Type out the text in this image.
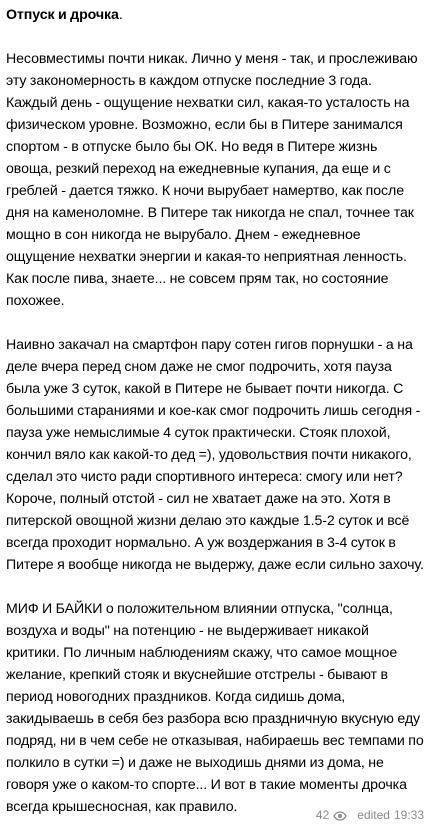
Отпуск и дрочка.

Несовместимы почти никак. Лично у меня - так, и прослеживаю эту закономерность в каждом отпуске последние 3 года. Каждый день - ощущение нехватки сил, какая-то усталость на физическом уровне. Возможно, если бы в Питере занимался спортом - в отпуске было бы ОК. Но ведя в Питере жизнь овоща, резкий переход на ежедневные купания, да еще и с греблей - дается тяжко. К ночи вырубает намертво, как после дня на каменоломне. В Питере так никогда не спал, точнее так мощно в сон никогда не вырубало. Днем - ежедневное ощущение нехватки энергии и какая-то неприятная ленность. Как после пива, знаете... не совсем прям так, но состояние похожее.

Наивно закачал на смартфон пару сотен гигов порнушки - а на деле вчера перед сном даже не смог подрочить, хотя пауза была уже 3 суток, какой в Питере не бывает почти никогда. С большими стараниями и кое-как смог подрочить лишь сегодня - пауза уже немыслимые 4 суток практически. Стояк плохой, кончил вяло как какой-то дед =), удовольствия почти никакого, сделал это чисто ради спортивного интереса: смогу или нет? Короче, полный отстой - сил не хватает даже на это. Хотя в питерской овощной жизни делаю это каждые 1.5-2 суток и всё всегда проходит нормально. А уж воздержания в 3-4 суток в Питере я вообще никогда не выдержу, даже если сильно захочу.

МИФ И БАЙКИ о положительном влиянии отпуска, "солнца, воздуха и воды" на потенцию - не выдерживает никакой критики. По личным наблюдениям скажу, что самое мощное желание, крепкий стояк и вкуснейшие отстрелы - бывают в период новогодних праздников. Когда сидишь дома, закидываешь в себя без разбора всю праздничную вкусную еду подряд, ни в чем себе не отказывая, набираешь вес темпами по полкило в сутки =) и даже не выходишь днями из дома, не говоря уже о каком-то спорте... И вот в такие моменты дрочка всегда крышесносная, как правило.	42 edited 19:33
